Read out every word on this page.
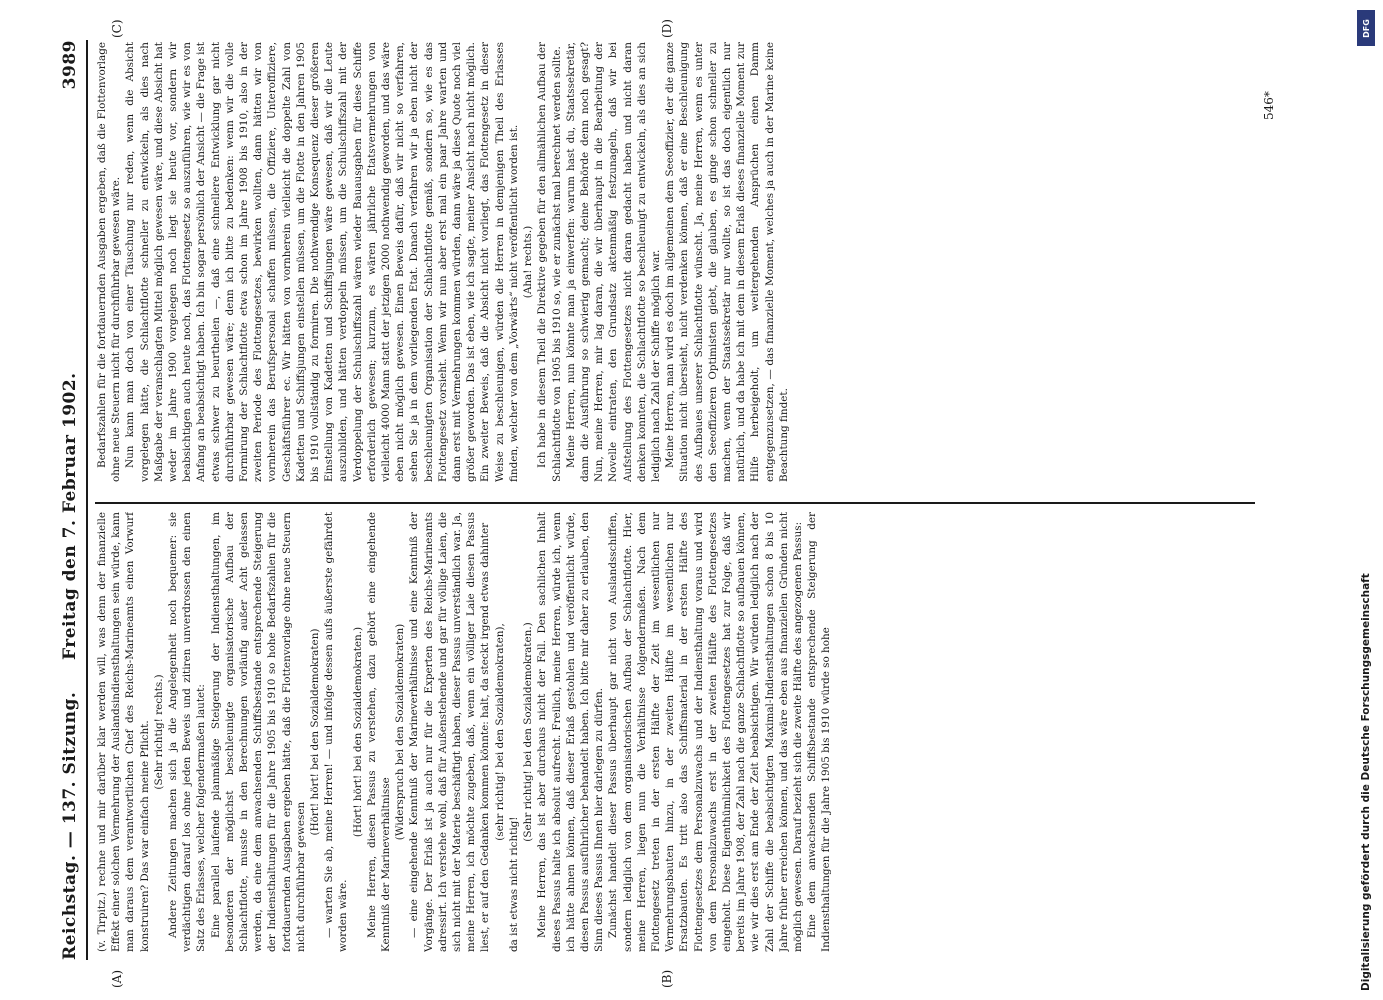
Reichstag. — 137. Sitzung.
Freitag den 7. Februar 1902.
3989
(A)	(B)
(C)	(D)

(v. Tirpitz.) rechne und mir darüber klar werden will, was denn der finanzielle Effekt einer solchen Vermehrung der Auslandsindiensthaltungen sein würde, kann man daraus dem verantwortlichen Chef des Reichs-Marineamts einen Vorwurf konstruiren? Das war einfach meine Pflicht. (Sehr richtig! rechts.) Andere Zeitungen machen sich ja die Angelegenheit noch bequemer: sie verdächtigen darauf los ohne jeden Beweis und zitiren unverdrossen den einen Satz des Erlasses, welcher folgendermaßen lautet: Eine parallel laufende planmäßige Steigerung der Indiensthaltungen, im besonderen der möglichst beschleunigte organisatorische Aufbau der Schlachtflotte, musste in den Berechnungen vorläufig außer Acht gelassen werden, da eine dem anwachsenden Schiffsbestande entsprechende Steigerung der Indiensthaltungen für die Jahre 1905 bis 1910 so hohe Bedarfszahlen für die fortdauernden Ausgaben ergeben hätte, daß die Flottenvorlage ohne neue Steuern nicht durchführbar gewesen

(Hört! hört! bei den Sozialdemokraten) — warten Sie ab, meine Herren! — und infolge dessen aufs äußerste gefährdet worden wäre.

(Hört! hört! bei den Sozialdemokraten.) Meine Herren, diesen Passus zu verstehen, dazu gehört eine eingehende Kenntniß der Marineverhältnisse

(Widerspruch bei den Sozialdemokraten) — eine eingehende Kenntniß der Marineverhältnisse und eine Kenntniß der Vorgänge. Der Erlaß ist ja auch nur für die Experten des Reichs-Marineamts adressirt. Ich verstehe wohl, daß für Außenstehende und gar für völlige Laien, die sich nicht mit der Materie beschäftigt haben, dieser Passus unverständlich war. Ja, meine Herren, ich möchte zugeben, daß, wenn ein völliger Laie diesen Passus liest, er auf den Gedanken kommen könnte: halt, da steckt irgend etwas dahinter (sehr richtig! bei den Sozialdemokraten),

da ist etwas nicht richtig!

(Sehr richtig! bei den Sozialdemokraten.) Meine Herren, das ist aber durchaus nicht der Fall. Den sachlichen Inhalt dieses Passus halte ich absolut aufrecht. Freilich, meine Herren, würde ich, wenn ich hätte ahnen können, daß dieser Erlaß gestohlen und veröffentlicht würde, diesen Passus ausführlicher behandelt haben. Ich bitte mir daher zu erlauben, den Sinn dieses Passus Ihnen hier darlegen zu dürfen. Zunächst handelt dieser Passus überhaupt gar nicht von Auslandsschiffen, sondern lediglich von dem organisatorischen Aufbau der Schlachtflotte. Hier, meine Herren, liegen nun die Verhältnisse folgendermaßen. Nach dem Flottengesetz treten in der ersten Hälfte der Zeit im wesentlichen nur Vermehrungsbauten hinzu, in der zweiten Hälfte im wesentlichen nur Ersatzbauten. Es tritt also das Schiffsmaterial in der ersten Hälfte des Flottengesetzes dem Personalzuwachs und der Indiensthaltung voraus und wird von dem Personalzuwachs erst in der zweiten Hälfte des Flottengesetzes eingeholt. Diese Eigenthümlichkeit des Flottengesetzes hat zur Folge, daß wir bereits im Jahre 1908, der Zahl nach die ganze Schlachtflotte so aufbauen können, wie wir dies erst am Ende der Zeit beabsichtigen. Wir würden lediglich nach der Zahl der Schiffe die beabsichtigten Maximal-Indiensthaltungen schon 8 bis 10 Jahre früher erreichen können, und das wäre eben aus finanziellen Gründen nicht möglich gewesen. Darauf bezieht sich die zweite Hälfte des angezogenen Passus: Eine dem anwachsenden Schiffsbestande entsprechende Steigerung der Indiensthaltungen für die Jahre 1905 bis 1910 würde so hohe

Bedarfszahlen für die fortdauernden Ausgaben ergeben, daß die Flottenvorlage ohne neue Steuern nicht für durchführbar gewesen wäre. Nun kann man doch von einer Täuschung nur reden, wenn die Absicht vorgelegen hätte, die Schlachtflotte schneller zu entwickeln, als dies nach Maßgabe der veranschlagten Mittel möglich gewesen wäre, und diese Absicht hat weder im Jahre 1900 vorgelegen noch liegt sie heute vor, sondern wir beabsichtigen auch heute noch, das Flottengesetz so auszuführen, wie wir es von Anfang an beabsichtigt haben. Ich bin sogar persönlich der Ansicht — die Frage ist etwas schwer zu beurtheilen —, daß eine schnellere Entwicklung gar nicht durchführbar gewesen wäre; denn ich bitte zu bedenken: wenn wir die volle Formirung der Schlachtflotte etwa schon im Jahre 1908 bis 1910, also in der zweiten Periode des Flottengesetzes, bewirken wollten, dann hätten wir von vornherein das Berufspersonal schaffen müssen, die Offiziere, Unteroffiziere, Geschäftsführer ec. Wir hätten von vornherein vielleicht die doppelte Zahl von Kadetten und Schiffsjungen einstellen müssen, um die Flotte in den Jahren 1905 bis 1910 vollständig zu formiren. Die nothwendige Konsequenz dieser größeren Einstellung von Kadetten und Schiffsjungen wäre gewesen, daß wir die Leute auszubilden, und hätten verdoppeln müssen, um die Schulschiffszahl mit der Verdoppelung der Schulschiffszahl wären wieder Bauausgaben für diese Schiffe erforderlich gewesen; kurzum, es wären jährliche Etatsvermehrungen von vielleicht 4000 Mann statt der jetzigen 2000 nothwendig geworden, und das wäre eben nicht möglich gewesen. Einen Beweis dafür, daß wir nicht so verfahren, sehen Sie ja in dem vorliegenden Etat. Danach verfahren wir ja eben nicht der beschleunigten Organisation der Schlachtflotte gemäß, sondern so, wie es das Flottengesetz vorsieht. Wenn wir nun aber erst mal ein paar Jahre warten und dann erst mit Vermehrungen kommen würden, dann wäre ja diese Quote noch viel größer geworden. Das ist eben, wie ich sagte, meiner Ansicht nach nicht möglich. Ein zweiter Beweis, daß die Absicht nicht vorliegt, das Flottengesetz in dieser Weise zu beschleunigen, würden die Herren in demjenigen Theil des Erlasses finden, welcher von dem „Vorwärts“ nicht veröffentlicht worden ist. (Aha! rechts.) Ich habe in diesem Theil die Direktive gegeben für den allmählichen Aufbau der Schlachtflotte von 1905 bis 1910 so, wie er zunächst mal berechnet werden sollte. Meine Herren, nun könnte man ja einwerfen: warum hast du, Staatssekretär, dann die Ausführung so schwierig gemacht; deine Behörde denn noch gesagt? Nun, meine Herren, mir lag daran, die wir überhaupt in die Bearbeitung der Novelle eintraten, den Grundsatz aktenmäßig festzunageln, daß wir bei Aufstellung des Flottengesetzes nicht daran gedacht haben und nicht daran denken konnten, die Schlachtflotte so beschleunigt zu entwickeln, als dies an sich lediglich nach Zahl der Schiffe möglich war. Meine Herren, man wird es doch im allgemeinen dem Seeoffizier, der die ganze Situation nicht übersieht, nicht verdenken können, daß er eine Beschleunigung des Aufbaues unserer Schlachtflotte wünscht. Ja, meine Herren, wenn es unter den Seeoffizieren Optimisten giebt, die glauben, es ginge schon schneller zu machen, wenn der Staatssekretär nur wollte, so ist das doch eigentlich nur natürlich, und da habe ich mit dem in diesem Erlaß dieses finanzielle Moment zur Hilfe herbeigeholt, um weitergehenden Ansprüchen einen Damm entgegenzusetzen, — das finanzielle Moment, welches ja auch in der Marine keine Beachtung findet.

546*
Digitalisierung gefördert durch die Deutsche Forschungsgemeinschaft
DFG
